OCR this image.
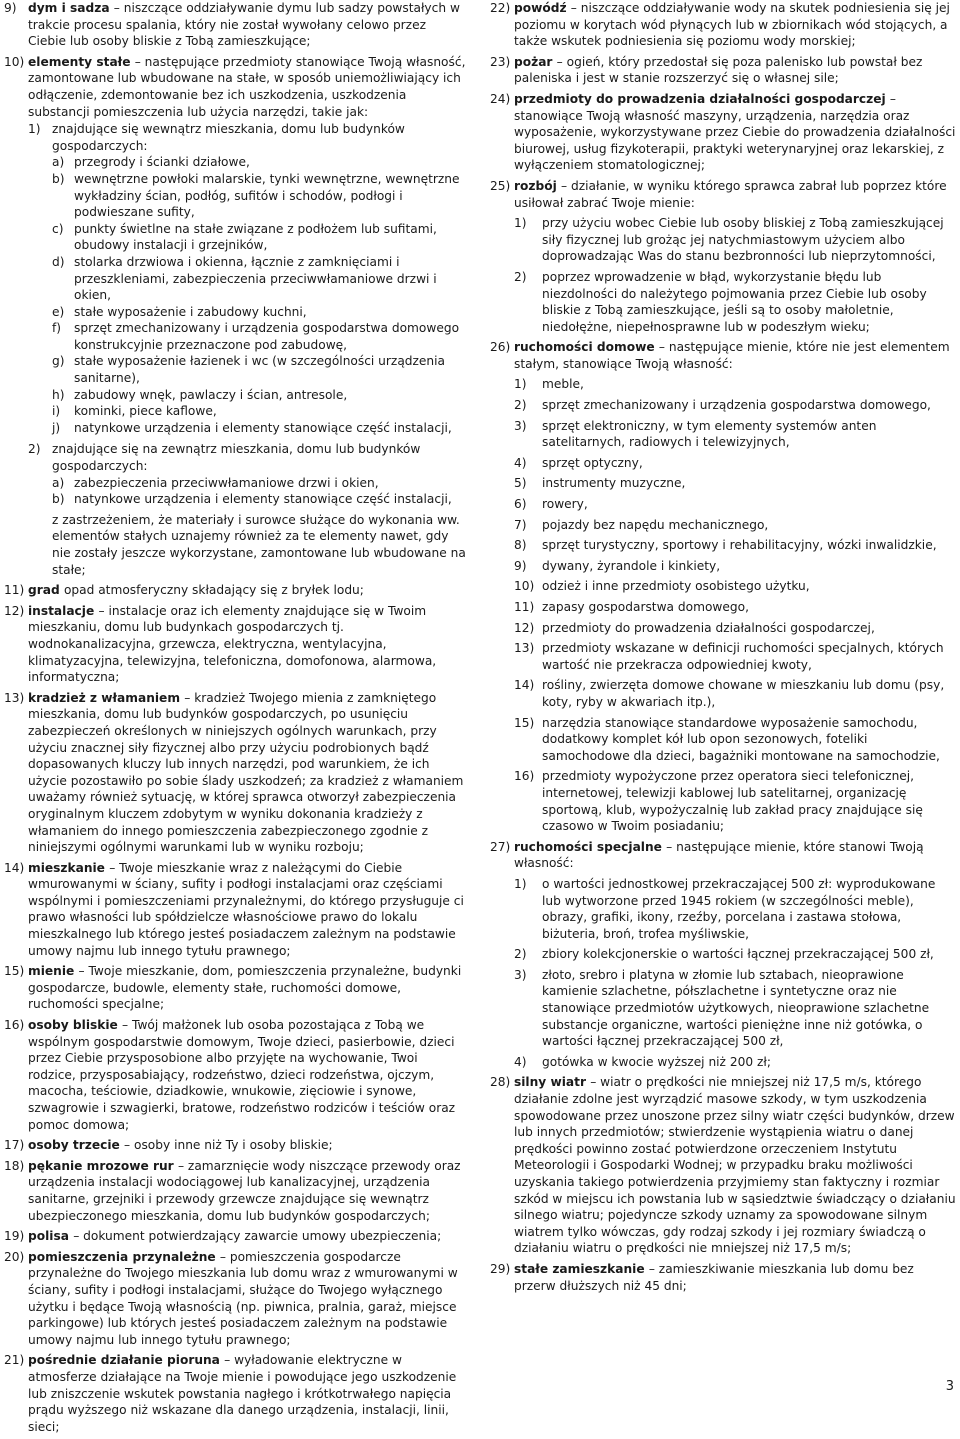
9) dym i sadza – niszczące oddziaływanie dymu lub sadzy powstałych w trakcie procesu spalania, który nie został wywołany celowo przez Ciebie lub osoby bliskie z Tobą zamieszkujące;
10) elementy stałe – następujące przedmioty stanowiące Twoją własność, zamontowane lub wbudowane na stałe, w sposób uniemożliwiający ich odłączenie, zdemontowanie bez ich uszkodzenia, uszkodzenia substancji pomieszczenia lub użycia narzędzi, takie jak:
1) znajdujące się wewnątrz mieszkania, domu lub budynków gospodarczych:
a) przegrody i ścianki działowe,
b) wewnętrzne powłoki malarskie, tynki wewnętrzne, wewnętrzne wykładziny ścian, podłóg, sufitów i schodów, podłogi i podwieszane sufity,
c) punkty świetlne na stałe związane z podłożem lub sufitami, obudowy instalacji i grzejników,
d) stolarka drzwiowa i okienna, łącznie z zamknięciami i przeszkleniami, zabezpieczenia przeciwwłamaniowe drzwi i okien,
e) stałe wyposażenie i zabudowy kuchni,
f) sprzęt zmechanizowany i urządzenia gospodarstwa domowego konstrukcyjnie przeznaczone pod zabudowę,
g) stałe wyposażenie łazienek i wc (w szczególności urządzenia sanitarne),
h) zabudowy wnęk, pawlaczy i ścian, antresole,
i) kominki, piece kaflowe,
j) natynkowe urządzenia i elementy stanowiące część instalacji,
2) znajdujące się na zewnątrz mieszkania, domu lub budynków gospodarczych:
a) zabezpieczenia przeciwwłamaniowe drzwi i okien,
b) natynkowe urządzenia i elementy stanowiące część instalacji,
z zastrzeżeniem, że materiały i surowce służące do wykonania ww. elementów stałych uznajemy również za te elementy nawet, gdy nie zostały jeszcze wykorzystane, zamontowane lub wbudowane na stałe;
11) grad opad atmosferyczny składający się z bryłek lodu;
12) instalacje – instalacje oraz ich elementy znajdujące się w Twoim mieszkaniu, domu lub budynkach gospodarczych tj. wodnokanalizacyjna, grzewcza, elektryczna, wentylacyjna, klimatyzacyjna, telewizyjna, telefoniczna, domofonowa, alarmowa, informatyczna;
13) kradzież z włamaniem – kradzież Twojego mienia z zamkniętego mieszkania, domu lub budynków gospodarczych, po usunięciu zabezpieczeń określonych w niniejszych ogólnych warunkach, przy użyciu znacznej siły fizycznej albo przy użyciu podrobionych bądź dopasowanych kluczy lub innych narzędzi, pod warunkiem, że ich użycie pozostawiło po sobie ślady uszkodzeń; za kradzież z włamaniem uważamy również sytuację, w której sprawca otworzył zabezpieczenia oryginalnym kluczem zdobytym w wyniku dokonania kradzieży z włamaniem do innego pomieszczenia zabezpieczonego zgodnie z niniejszymi ogólnymi warunkami lub w wyniku rozboju;
14) mieszkanie – Twoje mieszkanie wraz z należącymi do Ciebie wmurowanymi w ściany, sufity i podłogi instalacjami oraz częściami wspólnymi i pomieszczeniami przynależnymi, do którego przysługuje ci prawo własności lub spółdzielcze własnościowe prawo do lokalu mieszkalnego lub którego jesteś posiadaczem zależnym na podstawie umowy najmu lub innego tytułu prawnego;
15) mienie – Twoje mieszkanie, dom, pomieszczenia przynależne, budynki gospodarcze, budowle, elementy stałe, ruchomości domowe, ruchomości specjalne;
16) osoby bliskie – Twój małżonek lub osoba pozostająca z Tobą we wspólnym gospodarstwie domowym, Twoje dzieci, pasierbowie, dzieci przez Ciebie przysposobione albo przyjęte na wychowanie, Twoi rodzice, przysposabiający, rodzeństwo, dzieci rodzeństwa, ojczym, macocha, teściowie, dziadkowie, wnukowie, zięciowie i synowe, szwagrowie i szwagierki, bratowe, rodzeństwo rodziców i teściów oraz pomoc domowa;
17) osoby trzecie – osoby inne niż Ty i osoby bliskie;
18) pękanie mrozowe rur – zamarznięcie wody niszczące przewody oraz urządzenia instalacji wodociągowej lub kanalizacyjnej, urządzenia sanitarne, grzejniki i przewody grzewcze znajdujące się wewnątrz ubezpieczonego mieszkania, domu lub budynków gospodarczych;
19) polisa – dokument potwierdzający zawarcie umowy ubezpieczenia;
20) pomieszczenia przynależne – pomieszczenia gospodarcze przynależne do Twojego mieszkania lub domu wraz z wmurowanymi w ściany, sufity i podłogi instalacjami, służące do Twojego wyłącznego użytku i będące Twoją własnością (np. piwnica, pralnia, garaż, miejsce parkingowe) lub których jesteś posiadaczem zależnym na podstawie umowy najmu lub innego tytułu prawnego;
21) pośrednie działanie pioruna – wyładowanie elektryczne w atmosferze działające na Twoje mienie i powodujące jego uszkodzenie lub zniszczenie wskutek powstania nagłego i krótkotrwałego napięcia prądu wyższego niż wskazane dla danego urządzenia, instalacji, linii, sieci;
22) powódź – niszczące oddziaływanie wody na skutek podniesienia się jej poziomu w korytach wód płynących lub w zbiornikach wód stojących, a także wskutek podniesienia się poziomu wody morskiej;
23) pożar – ogień, który przedostał się poza palenisko lub powstał bez paleniska i jest w stanie rozszerzyć się o własnej sile;
24) przedmioty do prowadzenia działalności gospodarczej – stanowiące Twoją własność maszyny, urządzenia, narzędzia oraz wyposażenie, wykorzystywane przez Ciebie do prowadzenia działalności biurowej, usług fizykoterapii, praktyki weterynaryjnej oraz lekarskiej, z wyłączeniem stomatologicznej;
25) rozbój – działanie, w wyniku którego sprawca zabrał lub poprzez które usiłował zabrać Twoje mienie:
1) przy użyciu wobec Ciebie lub osoby bliskiej z Tobą zamieszkującej siły fizycznej lub grożąc jej natychmiastowym użyciem albo doprowadzając Was do stanu bezbronności lub nieprzytomności,
2) poprzez wprowadzenie w błąd, wykorzystanie błędu lub niezdolności do należytego pojmowania przez Ciebie lub osoby bliskie z Tobą zamieszkujące, jeśli są to osoby małoletnie, niedołężne, niepełnosprawne lub w podeszłym wieku;
26) ruchomości domowe – następujące mienie, które nie jest elementem stałym, stanowiące Twoją własność:
1) meble,
2) sprzęt zmechanizowany i urządzenia gospodarstwa domowego,
3) sprzęt elektroniczny, w tym elementy systemów anten satelitarnych, radiowych i telewizyjnych,
4) sprzęt optyczny,
5) instrumenty muzyczne,
6) rowery,
7) pojazdy bez napędu mechanicznego,
8) sprzęt turystyczny, sportowy i rehabilitacyjny, wózki inwalidzkie,
9) dywany, żyrandole i kinkiety,
10) odzież i inne przedmioty osobistego użytku,
11) zapasy gospodarstwa domowego,
12) przedmioty do prowadzenia działalności gospodarczej,
13) przedmioty wskazane w definicji ruchomości specjalnych, których wartość nie przekracza odpowiedniej kwoty,
14) rośliny, zwierzęta domowe chowane w mieszkaniu lub domu (psy, koty, ryby w akwariach itp.),
15) narzędzia stanowiące standardowe wyposażenie samochodu, dodatkowy komplet kół lub opon sezonowych, foteliki samochodowe dla dzieci, bagażniki montowane na samochodzie,
16) przedmioty wypożyczone przez operatora sieci telefonicznej, internetowej, telewizji kablowej lub satelitarnej, organizację sportową, klub, wypożyczalnię lub zakład pracy znajdujące się czasowo w Twoim posiadaniu;
27) ruchomości specjalne – następujące mienie, które stanowi Twoją własność:
1) o wartości jednostkowej przekraczającej 500 zł: wyprodukowane lub wytworzone przed 1945 rokiem (w szczególności meble), obrazy, grafiki, ikony, rzeźby, porcelana i zastawa stołowa, biżuteria, broń, trofea myśliwskie,
2) zbiory kolekcjonerskie o wartości łącznej przekraczającej 500 zł,
3) złoto, srebro i platyna w złomie lub sztabach, nieoprawione kamienie szlachetne, półszlachetne i syntetyczne oraz nie stanowiące przedmiotów użytkowych, nieoprawione szlachetne substancje organiczne, wartości pieniężne inne niż gotówka, o wartości łącznej przekraczającej 500 zł,
4) gotówka w kwocie wyższej niż 200 zł;
28) silny wiatr – wiatr o prędkości nie mniejszej niż 17,5 m/s, którego działanie zdolne jest wyrządzić masowe szkody, w tym uszkodzenia spowodowane przez unoszone przez silny wiatr części budynków, drzew lub innych przedmiotów; stwierdzenie wystąpienia wiatru o danej prędkości powinno zostać potwierdzone orzeczeniem Instytutu Meteorologii i Gospodarki Wodnej; w przypadku braku możliwości uzyskania takiego potwierdzenia przyjmiemy stan faktyczny i rozmiar szkód w miejscu ich powstania lub w sąsiedztwie świadczący o działaniu silnego wiatru; pojedyncze szkody uznamy za spowodowane silnym wiatrem tylko wówczas, gdy rodzaj szkody i jej rozmiary świadczą o działaniu wiatru o prędkości nie mniejszej niż 17,5 m/s;
29) stałe zamieszkanie – zamieszkiwanie mieszkania lub domu bez przerw dłuższych niż 45 dni;
3
